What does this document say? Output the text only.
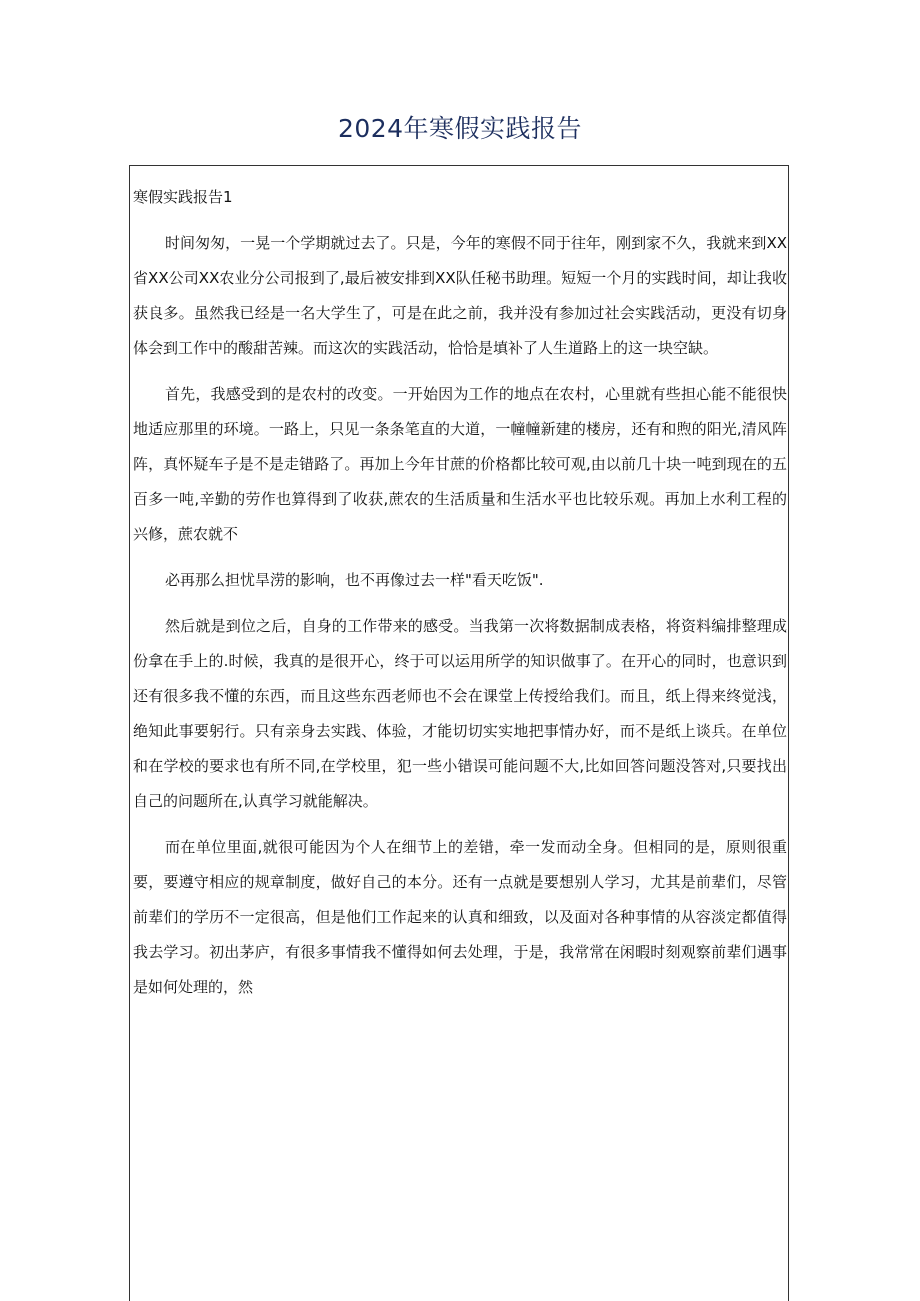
2024年寒假实践报告

寒假实践报告1

时间匆匆，一晃一个学期就过去了。只是，今年的寒假不同于往年，刚到家不久，我就来到XX省XX公司XX农业分公司报到了,最后被安排到XX队任秘书助理。短短一个月的实践时间，却让我收获良多。虽然我已经是一名大学生了，可是在此之前，我并没有参加过社会实践活动，更没有切身体会到工作中的酸甜苦辣。而这次的实践活动，恰恰是填补了人生道路上的这一块空缺。

首先，我感受到的是农村的改变。一开始因为工作的地点在农村，心里就有些担心能不能很快地适应那里的环境。一路上，只见一条条笔直的大道，一幢幢新建的楼房，还有和煦的阳光,清风阵阵，真怀疑车子是不是走错路了。再加上今年甘蔗的价格都比较可观,由以前几十块一吨到现在的五百多一吨,辛勤的劳作也算得到了收获,蔗农的生活质量和生活水平也比较乐观。再加上水利工程的兴修，蔗农就不

必再那么担忧旱涝的影响，也不再像过去一样"看天吃饭".

然后就是到位之后，自身的工作带来的感受。当我第一次将数据制成表格，将资料编排整理成份拿在手上的.时候，我真的是很开心，终于可以运用所学的知识做事了。在开心的同时，也意识到还有很多我不懂的东西，而且这些东西老师也不会在课堂上传授给我们。而且，纸上得来终觉浅，绝知此事要躬行。只有亲身去实践、体验，才能切切实实地把事情办好，而不是纸上谈兵。在单位和在学校的要求也有所不同,在学校里，犯一些小错误可能问题不大,比如回答问题没答对,只要找出自己的问题所在,认真学习就能解决。

而在单位里面,就很可能因为个人在细节上的差错，牵一发而动全身。但相同的是，原则很重要，要遵守相应的规章制度，做好自己的本分。还有一点就是要想别人学习，尤其是前辈们，尽管前辈们的学历不一定很高，但是他们工作起来的认真和细致，以及面对各种事情的从容淡定都值得我去学习。初出茅庐，有很多事情我不懂得如何去处理，于是，我常常在闲暇时刻观察前辈们遇事是如何处理的，然
